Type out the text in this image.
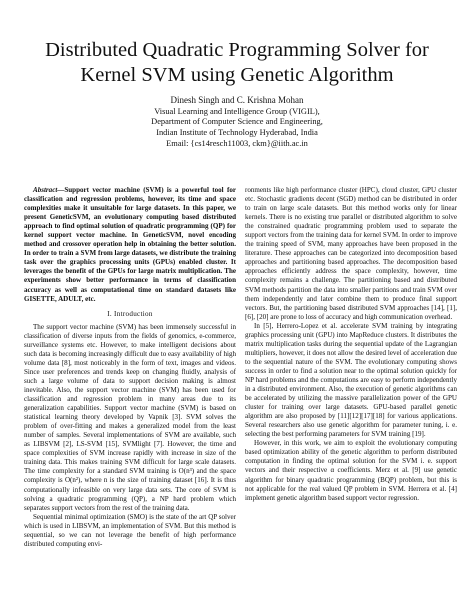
Distributed Quadratic Programming Solver for
Kernel SVM using Genetic Algorithm
Dinesh Singh and C. Krishna Mohan
Visual Learning and Intelligence Group (VIGIL),
Department of Computer Science and Engineering,
Indian Institute of Technology Hyderabad, India
Email: {cs14resch11003, ckm}@iith.ac.in

Abstract—Support vector machine (SVM) is a powerful tool for classification and regression problems, however, its time and space complexities make it unsuitable for large datasets. In this paper, we present GeneticSVM, an evolutionary computing based distributed approach to find optimal solution of quadratic programming (QP) for kernel support vector machine. In GeneticSVM, novel encoding method and crossover operation help in obtaining the better solution. In order to train a SVM from large datasets, we distribute the training task over the graphics processing units (GPUs) enabled cluster. It leverages the benefit of the GPUs for large matrix multiplication. The experiments show better performance in terms of classification accuracy as well as computational time on standard datasets like GISETTE, ADULT, etc.

I. Introduction

The support vector machine (SVM) has been immensely successful in classification of diverse inputs from the fields of genomics, e-commerce, surveillance systems etc. However, to make intelligent decisions about such data is becoming increasingly difficult due to easy availability of high volume data [8], most noticeably in the form of text, images and videos. Since user preferences and trends keep on changing fluidly, analysis of such a large volume of data to support decision making is almost inevitable. Also, the support vector machine (SVM) has been used for classification and regression problem in many areas due to its generalization capabilities. Support vector machine (SVM) is based on statistical learning theory developed by Vapnik [3]. SVM solves the problem of over-fitting and makes a generalized model from the least number of samples. Several implementations of SVM are available, such as LIBSVM [2], LS-SVM [15], SVMlight [7]. However, the time and space complexities of SVM increase rapidly with increase in size of the training data. This makes training SVM difficult for large scale datasets. The time complexity for a standard SVM training is O(n³) and the space complexity is O(n²), where n is the size of training dataset [16]. It is thus computationally infeasible on very large data sets. The core of SVM is solving a quadratic programming (QP), a NP hard problem which separates support vectors from the rest of the training data.

Sequential minimal optimization (SMO) is the state of the art QP solver which is used in LIBSVM, an implementation of SVM. But this method is sequential, so we can not leverage the benefit of high performance distributed computing envi-

ronments like high performance cluster (HPC), cloud cluster, GPU cluster etc. Stochastic gradients decent (SGD) method can be distributed in order to train on large scale datasets. But this method works only for linear kernels. There is no existing true parallel or distributed algorithm to solve the constrained quadratic programming problem used to separate the support vectors from the training data for kernel SVM. In order to improve the training speed of SVM, many approaches have been proposed in the literature. These approaches can be categorized into decomposition based approaches and partitioning based approaches. The decomposition based approaches efficiently address the space complexity, however, time complexity remains a challenge. The partitioning based and distributed SVM methods partition the data into smaller partitions and train SVM over them independently and later combine them to produce final support vectors. But, the partitioning based distributed SVM approaches [14], [1], [6], [20] are prone to loss of accuracy and high communication overhead.

In [5], Herrero-Lopez et al. accelerate SVM training by integrating graphics processing unit (GPU) into MapReduce clusters. It distributes the matrix multiplication tasks during the sequential update of the Lagrangian multipliers, however, it does not allow the desired level of acceleration due to the sequential nature of the SVM. The evolutionary computing shows success in order to find a solution near to the optimal solution quickly for NP hard problems and the computations are easy to perform independently in a distributed environment. Also, the execution of genetic algorithms can be accelerated by utilizing the massive parallelization power of the GPU cluster for training over large datasets. GPU-based parallel genetic algorithm are also proposed by [11][12][17][18] for various applications. Several researchers also use genetic algorithm for parameter tuning, i. e. selecting the best performing parameters for SVM training [19].

However, in this work, we aim to exploit the evolutionary computing based optimization ability of the genetic algorithm to perform distributed computation in finding the optimal solution for the SVM i. e. support vectors and their respective α coefficients. Merz et al. [9] use genetic algorithm for binary quadratic programming (BQP) problem, but this is not applicable for the real valued QP problem in SVM. Herrera et al. [4] implement genetic algorithm based support vector regression.
